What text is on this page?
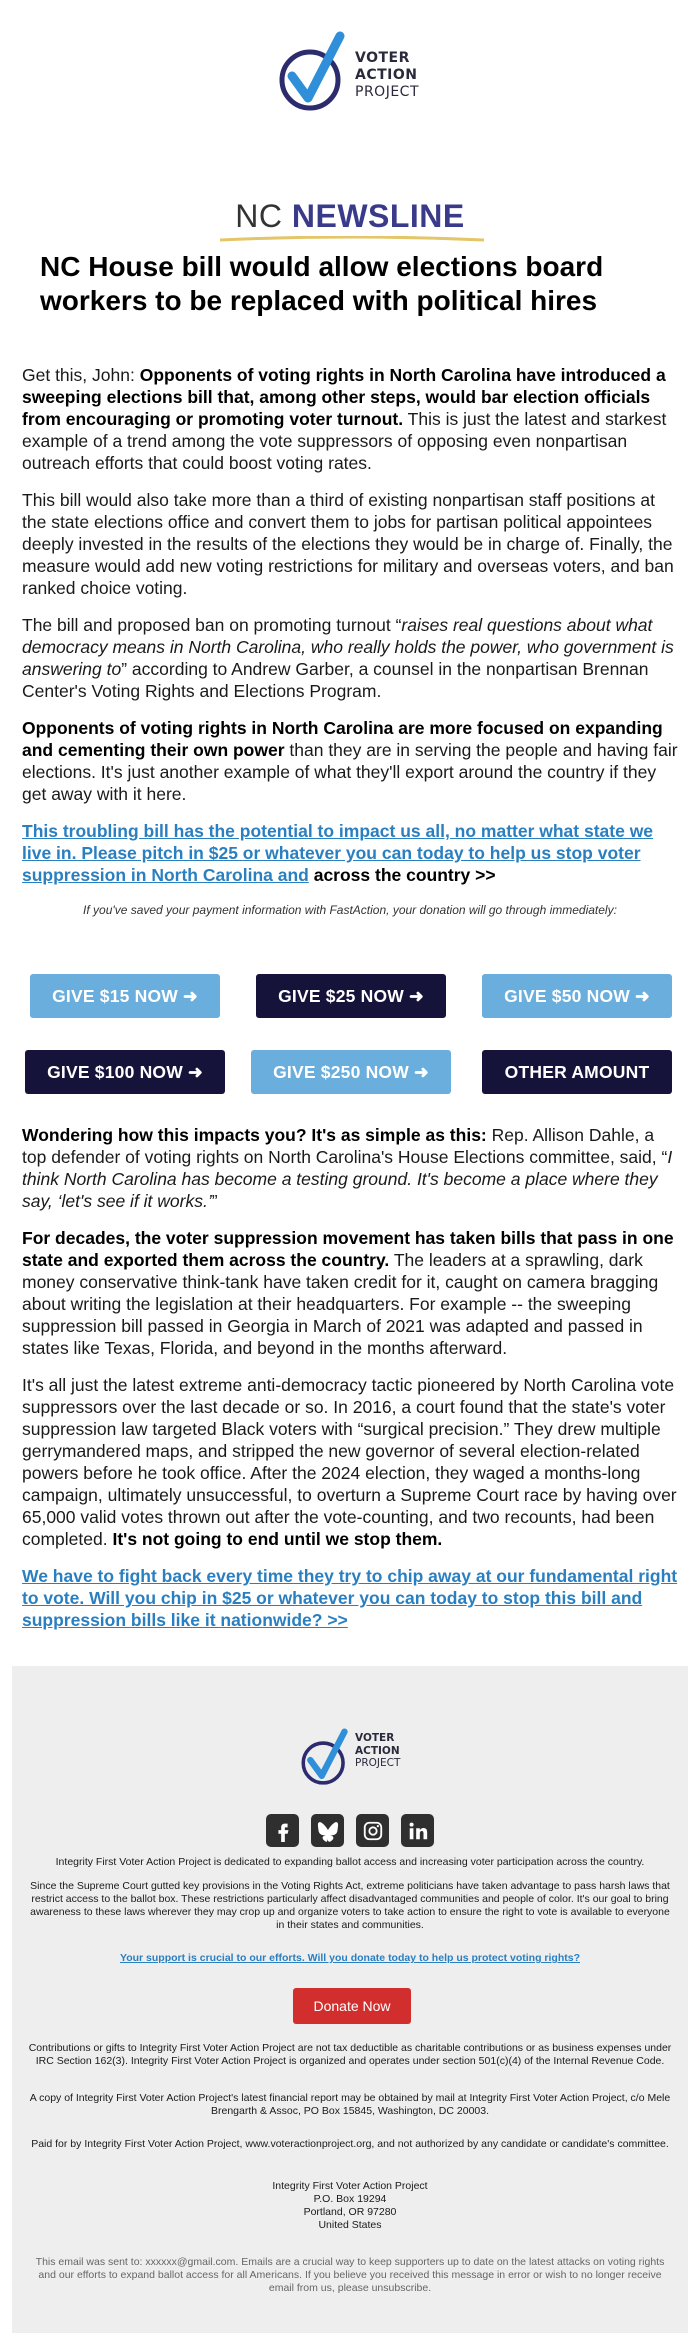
VOTER
ACTION
PROJECT
NC NEWSLINE
NC House bill would allow elections board workers to be replaced with political hires

Get this, John: Opponents of voting rights in North Carolina have introduced a sweeping elections bill that, among other steps, would bar election officials from encouraging or promoting voter turnout. This is just the latest and starkest example of a trend among the vote suppressors of opposing even nonpartisan outreach efforts that could boost voting rates.

This bill would also take more than a third of existing nonpartisan staff positions at the state elections office and convert them to jobs for partisan political appointees deeply invested in the results of the elections they would be in charge of. Finally, the measure would add new voting restrictions for military and overseas voters, and ban ranked choice voting.

The bill and proposed ban on promoting turnout “raises real questions about what democracy means in North Carolina, who really holds the power, who government is answering to” according to Andrew Garber, a counsel in the nonpartisan Brennan Center's Voting Rights and Elections Program.

Opponents of voting rights in North Carolina are more focused on expanding and cementing their own power than they are in serving the people and having fair elections. It's just another example of what they'll export around the country if they get away with it here.

This troubling bill has the potential to impact us all, no matter what state we live in. Please pitch in $25 or whatever you can today to help us stop voter suppression in North Carolina and across the country >>

If you've saved your payment information with FastAction, your donation will go through immediately:
GIVE $15 NOW ➜	GIVE $25 NOW ➜	GIVE $50 NOW ➜
GIVE $100 NOW ➜	GIVE $250 NOW ➜	OTHER AMOUNT

Wondering how this impacts you? It's as simple as this: Rep. Allison Dahle, a top defender of voting rights on North Carolina's House Elections committee, said, “I think North Carolina has become a testing ground. It's become a place where they say, ‘let's see if it works.’”

For decades, the voter suppression movement has taken bills that pass in one state and exported them across the country. The leaders at a sprawling, dark money conservative think-tank have taken credit for it, caught on camera bragging about writing the legislation at their headquarters. For example -- the sweeping suppression bill passed in Georgia in March of 2021 was adapted and passed in states like Texas, Florida, and beyond in the months afterward.

It's all just the latest extreme anti-democracy tactic pioneered by North Carolina vote suppressors over the last decade or so. In 2016, a court found that the state's voter suppression law targeted Black voters with “surgical precision.” They drew multiple gerrymandered maps, and stripped the new governor of several election-related powers before he took office. After the 2024 election, they waged a months-long campaign, ultimately unsuccessful, to overturn a Supreme Court race by having over 65,000 valid votes thrown out after the vote-counting, and two recounts, had been completed. It's not going to end until we stop them.

We have to fight back every time they try to chip away at our fundamental right to vote. Will you chip in $25 or whatever you can today to stop this bill and suppression bills like it nationwide? >>

VOTER
ACTION
PROJECT

Integrity First Voter Action Project is dedicated to expanding ballot access and increasing voter participation across the country.

Since the Supreme Court gutted key provisions in the Voting Rights Act, extreme politicians have taken advantage to pass harsh laws that restrict access to the ballot box. These restrictions particularly affect disadvantaged communities and people of color. It's our goal to bring awareness to these laws wherever they may crop up and organize voters to take action to ensure the right to vote is available to everyone in their states and communities.

Your support is crucial to our efforts. Will you donate today to help us protect voting rights?

Donate Now

Contributions or gifts to Integrity First Voter Action Project are not tax deductible as charitable contributions or as business expenses under IRC Section 162(3). Integrity First Voter Action Project is organized and operates under section 501(c)(4) of the Internal Revenue Code.

A copy of Integrity First Voter Action Project's latest financial report may be obtained by mail at Integrity First Voter Action Project, c/o Mele Brengarth & Assoc, PO Box 15845, Washington, DC 20003.

Paid for by Integrity First Voter Action Project, www.voteractionproject.org, and not authorized by any candidate or candidate's committee.

Integrity First Voter Action Project

P.O. Box 19294

Portland, OR 97280

United States

This email was sent to: xxxxxx@gmail.com. Emails are a crucial way to keep supporters up to date on the latest attacks on voting rights and our efforts to expand ballot access for all Americans. If you believe you received this message in error or wish to no longer receive email from us, please unsubscribe.
